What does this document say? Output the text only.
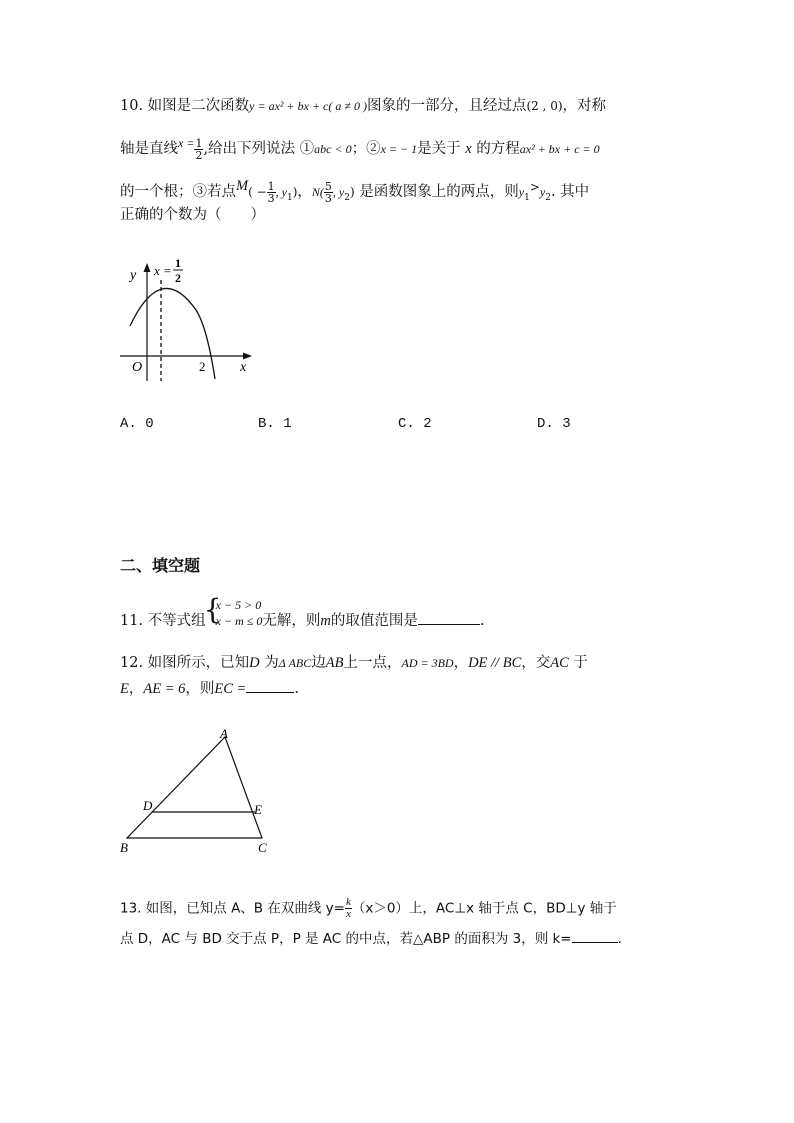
10. 如图是二次函数y = ax² + bx + c( a ≠ 0 )图象的一部分，且经过点(2 , 0)，对称
轴是直线$^{x =} \frac{1}{2}$ ,给出下列说法 ①abc < 0；②x = − 1是关于 x 的方程ax² + bx + c = 0
的一个根；③若点$M( - \frac{1}{3}$ , $y_1$)，$N( \frac{5}{3}$ , $y_2$) 是函数图象上的两点，则$y_1^>y_2$. 其中
正确的个数为（　　）
y
x
O	2
x = 1
2
A. 0	B. 1	C. 2	D. 3
二、填空题
11. 不等式组
{
x − 5 > 0
x − m ≤ 0 无解，则m的取值范围是	.
12. 如图所示，已知D 为Δ ABC边AB上一点，AD = 3BD，DE // BC，交AC 于
E，AE = 6，则EC =	.
A
B	C
D	E
13. 如图，已知点 A、B 在双曲线 $y= \frac{k}{x} (x>0)$上，AC⊥x 轴于点 C，BD⊥y 轴于
点 D，AC 与 BD 交于点 P，P 是 AC 的中点，若△ABP 的面积为 3，则 k=	.
